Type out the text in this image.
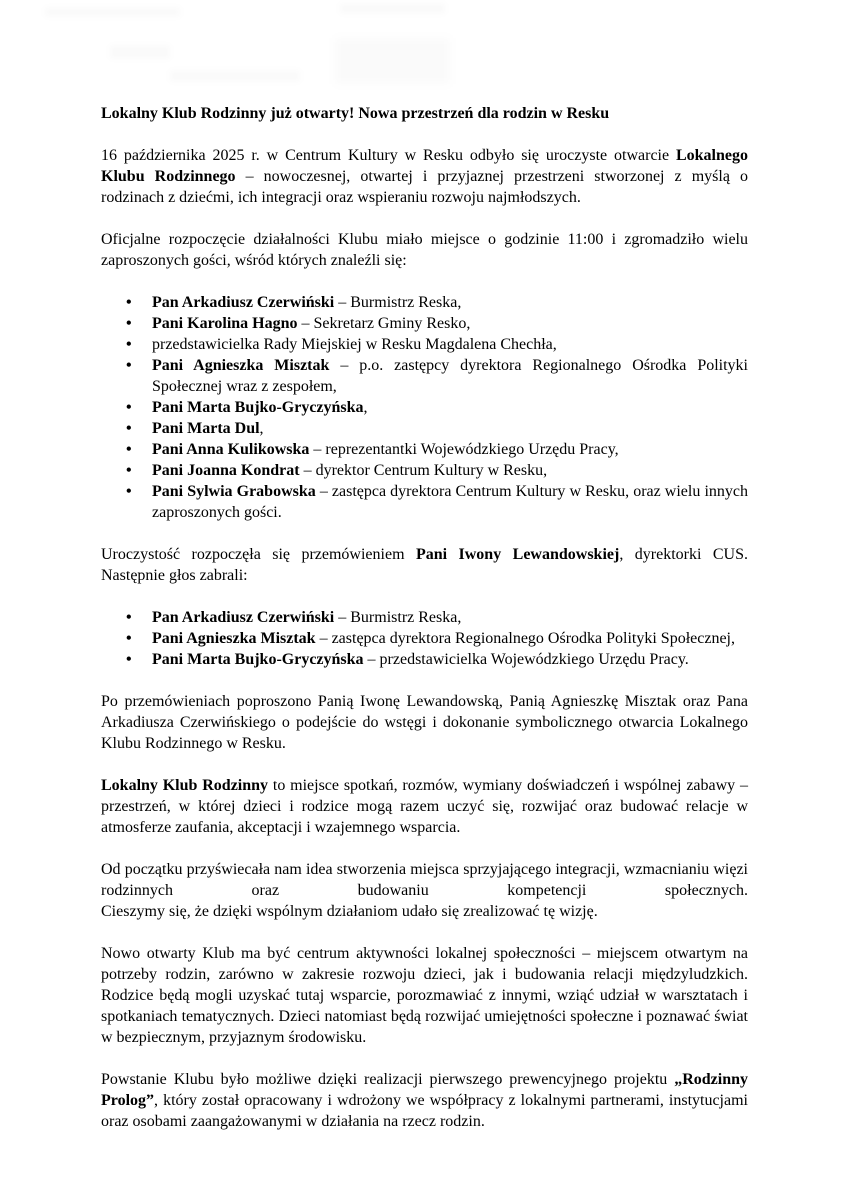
Lokalny Klub Rodzinny już otwarty! Nowa przestrzeń dla rodzin w Resku
16 października 2025 r. w Centrum Kultury w Resku odbyło się uroczyste otwarcie Lokalnego Klubu Rodzinnego – nowoczesnej, otwartej i przyjaznej przestrzeni stworzonej z myślą o rodzinach z dziećmi, ich integracji oraz wspieraniu rozwoju najmłodszych.
Oficjalne rozpoczęcie działalności Klubu miało miejsce o godzinie 11:00 i zgromadziło wielu zaproszonych gości, wśród których znaleźli się:
• Pan Arkadiusz Czerwiński – Burmistrz Reska,
• Pani Karolina Hagno – Sekretarz Gminy Resko,
• przedstawicielka Rady Miejskiej w Resku Magdalena Chechła,
• Pani Agnieszka Misztak – p.o. zastępcy dyrektora Regionalnego Ośrodka Polityki Społecznej wraz z zespołem,
• Pani Marta Bujko-Gryczyńska,
• Pani Marta Dul,
• Pani Anna Kulikowska – reprezentantki Wojewódzkiego Urzędu Pracy,
• Pani Joanna Kondrat – dyrektor Centrum Kultury w Resku,
• Pani Sylwia Grabowska – zastępca dyrektora Centrum Kultury w Resku, oraz wielu innych zaproszonych gości.
Uroczystość rozpoczęła się przemówieniem Pani Iwony Lewandowskiej, dyrektorki CUS. Następnie głos zabrali:
• Pan Arkadiusz Czerwiński – Burmistrz Reska,
• Pani Agnieszka Misztak – zastępca dyrektora Regionalnego Ośrodka Polityki Społecznej,
• Pani Marta Bujko-Gryczyńska – przedstawicielka Wojewódzkiego Urzędu Pracy.
Po przemówieniach poproszono Panią Iwonę Lewandowską, Panią Agnieszkę Misztak oraz Pana Arkadiusza Czerwińskiego o podejście do wstęgi i dokonanie symbolicznego otwarcia Lokalnego Klubu Rodzinnego w Resku.
Lokalny Klub Rodzinny to miejsce spotkań, rozmów, wymiany doświadczeń i wspólnej zabawy – przestrzeń, w której dzieci i rodzice mogą razem uczyć się, rozwijać oraz budować relacje w atmosferze zaufania, akceptacji i wzajemnego wsparcia.
Od początku przyświecała nam idea stworzenia miejsca sprzyjającego integracji, wzmacnianiu więzi rodzinnych oraz budowaniu kompetencji społecznych.
Cieszymy się, że dzięki wspólnym działaniom udało się zrealizować tę wizję.
Nowo otwarty Klub ma być centrum aktywności lokalnej społeczności – miejscem otwartym na potrzeby rodzin, zarówno w zakresie rozwoju dzieci, jak i budowania relacji międzyludzkich. Rodzice będą mogli uzyskać tutaj wsparcie, porozmawiać z innymi, wziąć udział w warsztatach i spotkaniach tematycznych. Dzieci natomiast będą rozwijać umiejętności społeczne i poznawać świat w bezpiecznym, przyjaznym środowisku.
Powstanie Klubu było możliwe dzięki realizacji pierwszego prewencyjnego projektu „Rodzinny Prolog”, który został opracowany i wdrożony we współpracy z lokalnymi partnerami, instytucjami oraz osobami zaangażowanymi w działania na rzecz rodzin.
